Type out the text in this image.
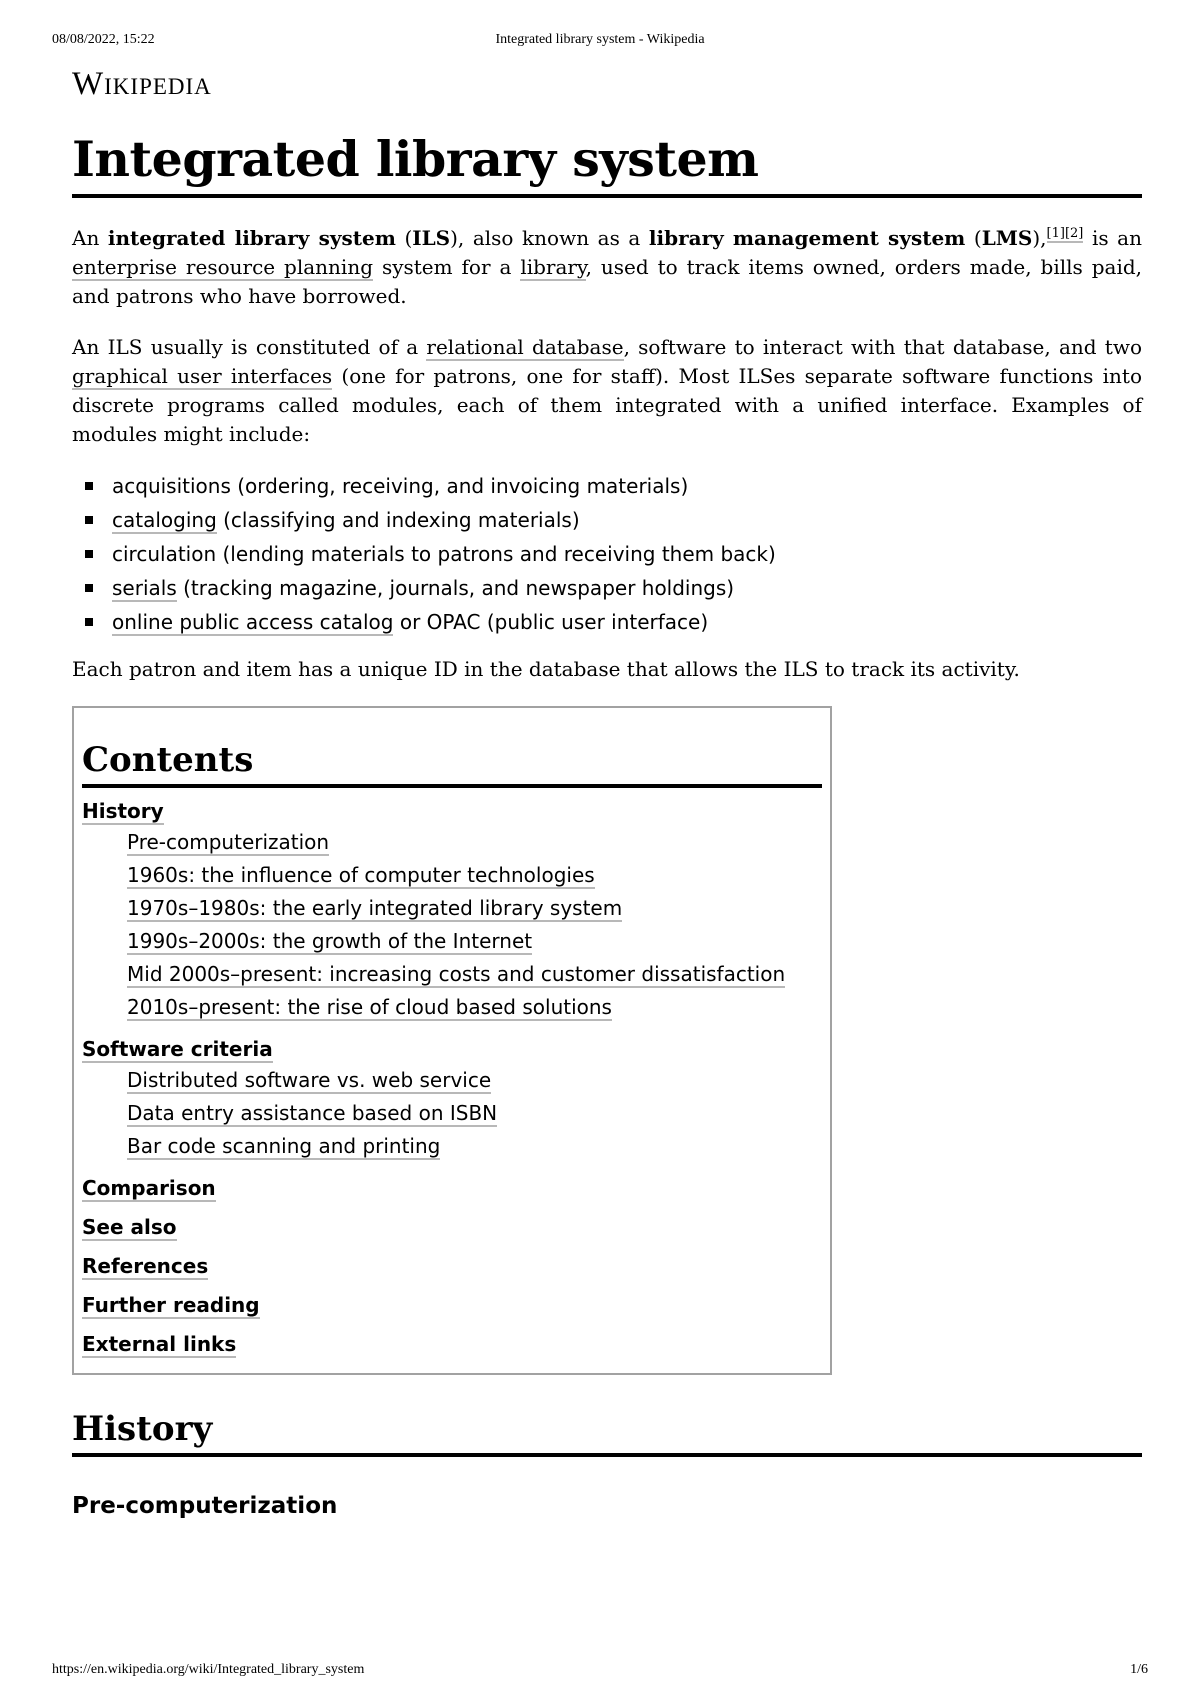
08/08/2022, 15:22	Integrated library system - Wikipedia
Wikipedia
Integrated library system

An integrated library system (ILS), also known as a library management system (LMS),[1][2] is an enterprise resource planning system for a library, used to track items owned, orders made, bills paid, and patrons who have borrowed.

An ILS usually is constituted of a relational database, software to interact with that database, and two graphical user interfaces (one for patrons, one for staff). Most ILSes separate software functions into discrete programs called modules, each of them integrated with a unified interface. Examples of modules might include:

acquisitions (ordering, receiving, and invoicing materials)
cataloging (classifying and indexing materials)
circulation (lending materials to patrons and receiving them back)
serials (tracking magazine, journals, and newspaper holdings)
online public access catalog or OPAC (public user interface)

Each patron and item has a unique ID in the database that allows the ILS to track its activity.

Contents
History
Pre-computerization
1960s: the influence of computer technologies
1970s–1980s: the early integrated library system
1990s–2000s: the growth of the Internet
Mid 2000s–present: increasing costs and customer dissatisfaction
2010s–present: the rise of cloud based solutions
Software criteria
Distributed software vs. web service
Data entry assistance based on ISBN
Bar code scanning and printing
Comparison
See also
References
Further reading
External links
History
Pre-computerization
https://en.wikipedia.org/wiki/Integrated_library_system	1/6
